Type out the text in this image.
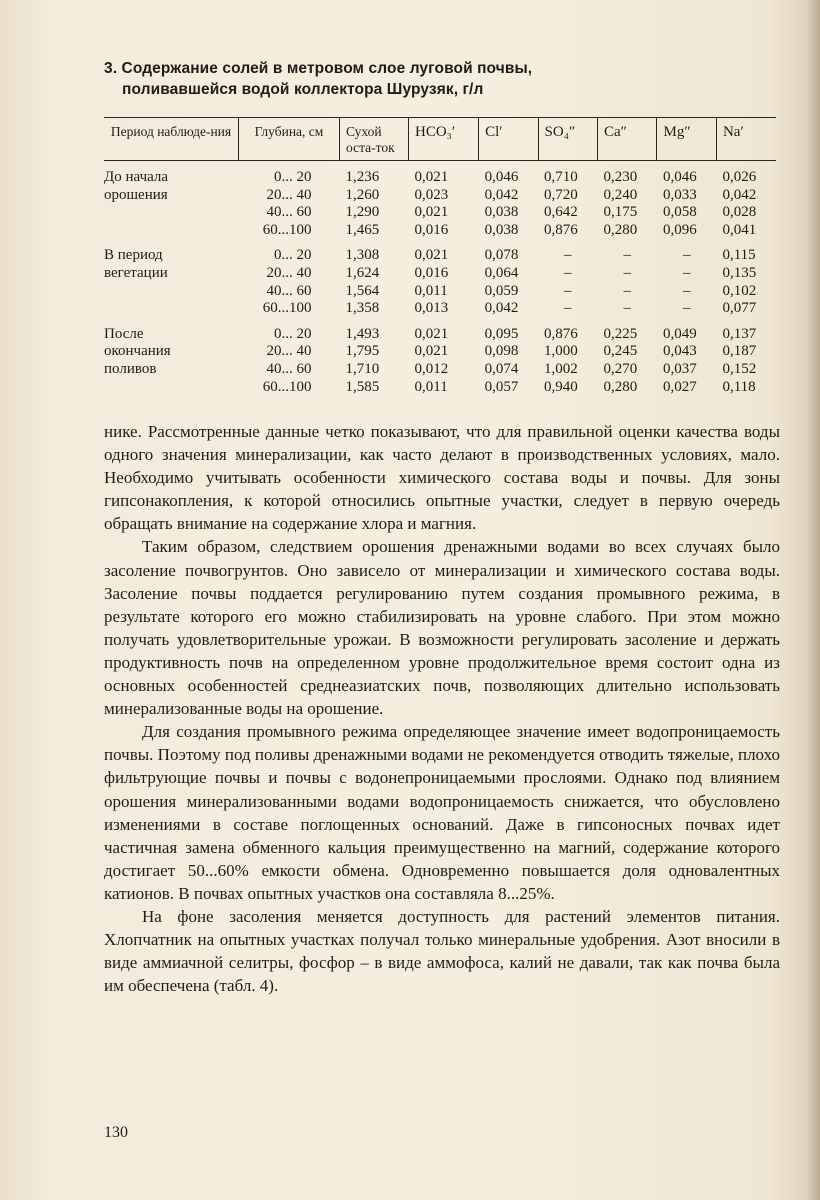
3. Содержание солей в метровом слое луговой почвы,
поливавшейся водой коллектора Шурузяк, г/л
Период наблюде-ния	Глубина, см	Сухой оста-ток	HCO₃′	Cl′	SO₄″	Ca″	Mg″	Na′
До начала	0... 20	1,236	0,021	0,046	0,710	0,230	0,046	0,026
орошения	20... 40	1,260	0,023	0,042	0,720	0,240	0,033	0,042
	40... 60	1,290	0,021	0,038	0,642	0,175	0,058	0,028
	60...100	1,465	0,016	0,038	0,876	0,280	0,096	0,041
В период	0... 20	1,308	0,021	0,078	–	–	–	0,115
вегетации	20... 40	1,624	0,016	0,064	–	–	–	0,135
	40... 60	1,564	0,011	0,059	–	–	–	0,102
	60...100	1,358	0,013	0,042	–	–	–	0,077
После	0... 20	1,493	0,021	0,095	0,876	0,225	0,049	0,137
окончания	20... 40	1,795	0,021	0,098	1,000	0,245	0,043	0,187
поливов	40... 60	1,710	0,012	0,074	1,002	0,270	0,037	0,152
	60...100	1,585	0,011	0,057	0,940	0,280	0,027	0,118

нике. Рассмотренные данные четко показывают, что для правильной оценки качества воды одного значения минерализации, как часто делают в производственных условиях, мало. Необходимо учитывать особенности химического состава воды и почвы. Для зоны гипсонакопления, к которой относились опытные участки, следует в первую очередь обращать внимание на содержание хлора и магния.

Таким образом, следствием орошения дренажными водами во всех случаях было засоление почвогрунтов. Оно зависело от минерализации и химического состава воды. Засоление почвы поддается регулированию путем создания промывного режима, в результате которого его можно стабилизировать на уровне слабого. При этом можно получать удовлетворительные урожаи. В возможности регулировать засоление и держать продуктивность почв на определенном уровне продолжительное время состоит одна из основных особенностей среднеазиатских почв, позволяющих длительно использовать минерализованные воды на орошение.

Для создания промывного режима определяющее значение имеет водопроницаемость почвы. Поэтому под поливы дренажными водами не рекомендуется отводить тяжелые, плохо фильтрующие почвы и почвы с водонепроницаемыми прослоями. Однако под влиянием орошения минерализованными водами водопроницаемость снижается, что обусловлено изменениями в составе поглощенных оснований. Даже в гипсоносных почвах идет частичная замена обменного кальция преимущественно на магний, содержание которого достигает 50...60% емкости обмена. Одновременно повышается доля одновалентных катионов. В почвах опытных участков она составляла 8...25%.

На фоне засоления меняется доступность для растений элементов питания. Хлопчатник на опытных участках получал только минеральные удобрения. Азот вносили в виде аммиачной селитры, фосфор – в виде аммофоса, калий не давали, так как почва была им обеспечена (табл. 4).

130
